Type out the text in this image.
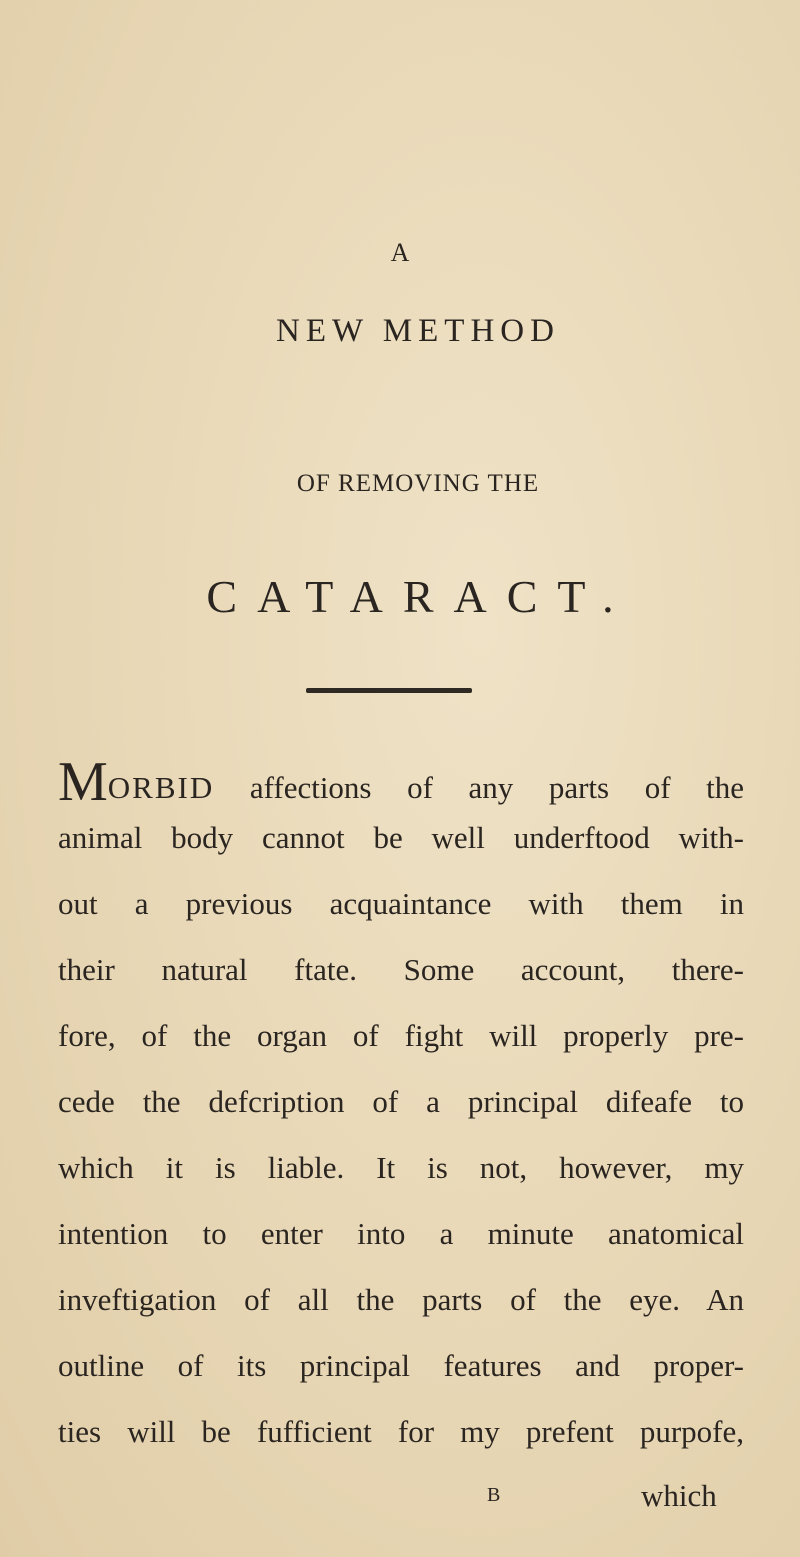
A
NEW METHOD
OF REMOVING THE
CATARACT.
MORBID affections of any parts of the
animal body cannot be well underftood with-
out a previous acquaintance with them in
their natural ftate. Some account, there-
fore, of the organ of fight will properly pre-
cede the defcription of a principal difeafe to
which it is liable. It is not, however, my
intention to enter into a minute anatomical
inveftigation of all the parts of the eye. An
outline of its principal features and proper-
ties will be fufficient for my prefent purpofe,
B	which
